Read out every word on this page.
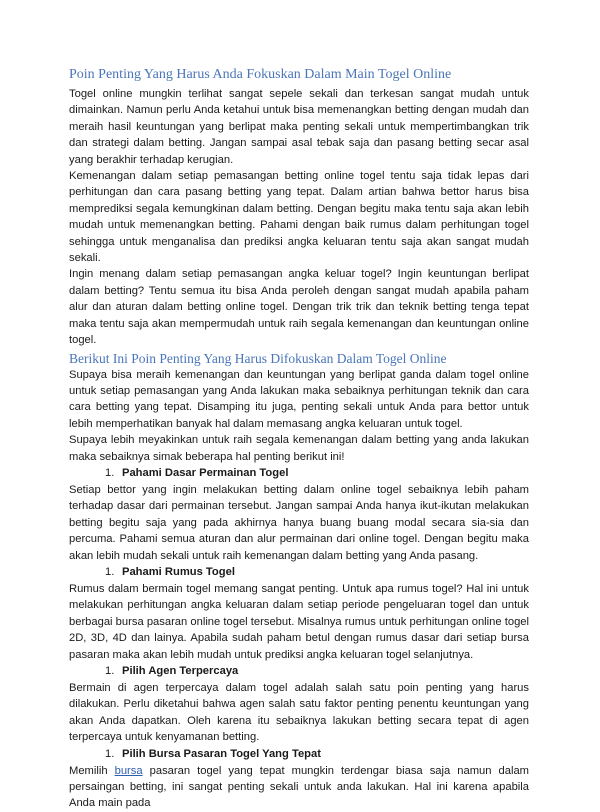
Poin Penting Yang Harus Anda Fokuskan Dalam Main Togel Online

Togel online mungkin terlihat sangat sepele sekali dan terkesan sangat mudah untuk dimainkan. Namun perlu Anda ketahui untuk bisa memenangkan betting dengan mudah dan meraih hasil keuntungan yang berlipat maka penting sekali untuk mempertimbangkan trik dan strategi dalam betting. Jangan sampai asal tebak saja dan pasang betting secar asal yang berakhir terhadap kerugian.

Kemenangan dalam setiap pemasangan betting online togel tentu saja tidak lepas dari perhitungan dan cara pasang betting yang tepat. Dalam artian bahwa bettor harus bisa memprediksi segala kemungkinan dalam betting. Dengan begitu maka tentu saja akan lebih mudah untuk memenangkan betting. Pahami dengan baik rumus dalam perhitungan togel sehingga untuk menganalisa dan prediksi angka keluaran tentu saja akan sangat mudah sekali.

Ingin menang dalam setiap pemasangan angka keluar togel? Ingin keuntungan berlipat dalam betting? Tentu semua itu bisa Anda peroleh dengan sangat mudah apabila paham alur dan aturan dalam betting online togel. Dengan trik trik dan teknik betting tenga tepat maka tentu saja akan mempermudah untuk raih segala kemenangan dan keuntungan online togel.

Berikut Ini Poin Penting Yang Harus Difokuskan Dalam Togel Online

Supaya bisa meraih kemenangan dan keuntungan yang berlipat ganda dalam togel online untuk setiap pemasangan yang Anda lakukan maka sebaiknya perhitungan teknik dan cara cara betting yang tepat. Disamping itu juga, penting sekali untuk Anda para bettor untuk lebih memperhatikan banyak hal dalam memasang angka keluaran untuk togel.

Supaya lebih meyakinkan untuk raih segala kemenangan dalam betting yang anda lakukan maka sebaiknya simak beberapa hal penting berikut ini!

1. Pahami Dasar Permainan Togel

Setiap bettor yang ingin melakukan betting dalam online togel sebaiknya lebih paham terhadap dasar dari permainan tersebut. Jangan sampai Anda hanya ikut-ikutan melakukan betting begitu saja yang pada akhirnya hanya buang buang modal secara sia-sia dan percuma. Pahami semua aturan dan alur permainan dari online togel. Dengan begitu maka akan lebih mudah sekali untuk raih kemenangan dalam betting yang Anda pasang.

1. Pahami Rumus Togel

Rumus dalam bermain togel memang sangat penting. Untuk apa rumus togel? Hal ini untuk melakukan perhitungan angka keluaran dalam setiap periode pengeluaran togel dan untuk berbagai bursa pasaran online togel tersebut. Misalnya rumus untuk perhitungan online togel 2D, 3D, 4D dan lainya. Apabila sudah paham betul dengan rumus dasar dari setiap bursa pasaran maka akan lebih mudah untuk prediksi angka keluaran togel selanjutnya.

1. Pilih Agen Terpercaya

Bermain di agen terpercaya dalam togel adalah salah satu poin penting yang harus dilakukan. Perlu diketahui bahwa agen salah satu faktor penting penentu keuntungan yang akan Anda dapatkan. Oleh karena itu sebaiknya lakukan betting secara tepat di agen terpercaya untuk kenyamanan betting.

1. Pilih Bursa Pasaran Togel Yang Tepat

Memilih bursa pasaran togel yang tepat mungkin terdengar biasa saja namun dalam persaingan betting, ini sangat penting sekali untuk anda lakukan. Hal ini karena apabila Anda main pada
